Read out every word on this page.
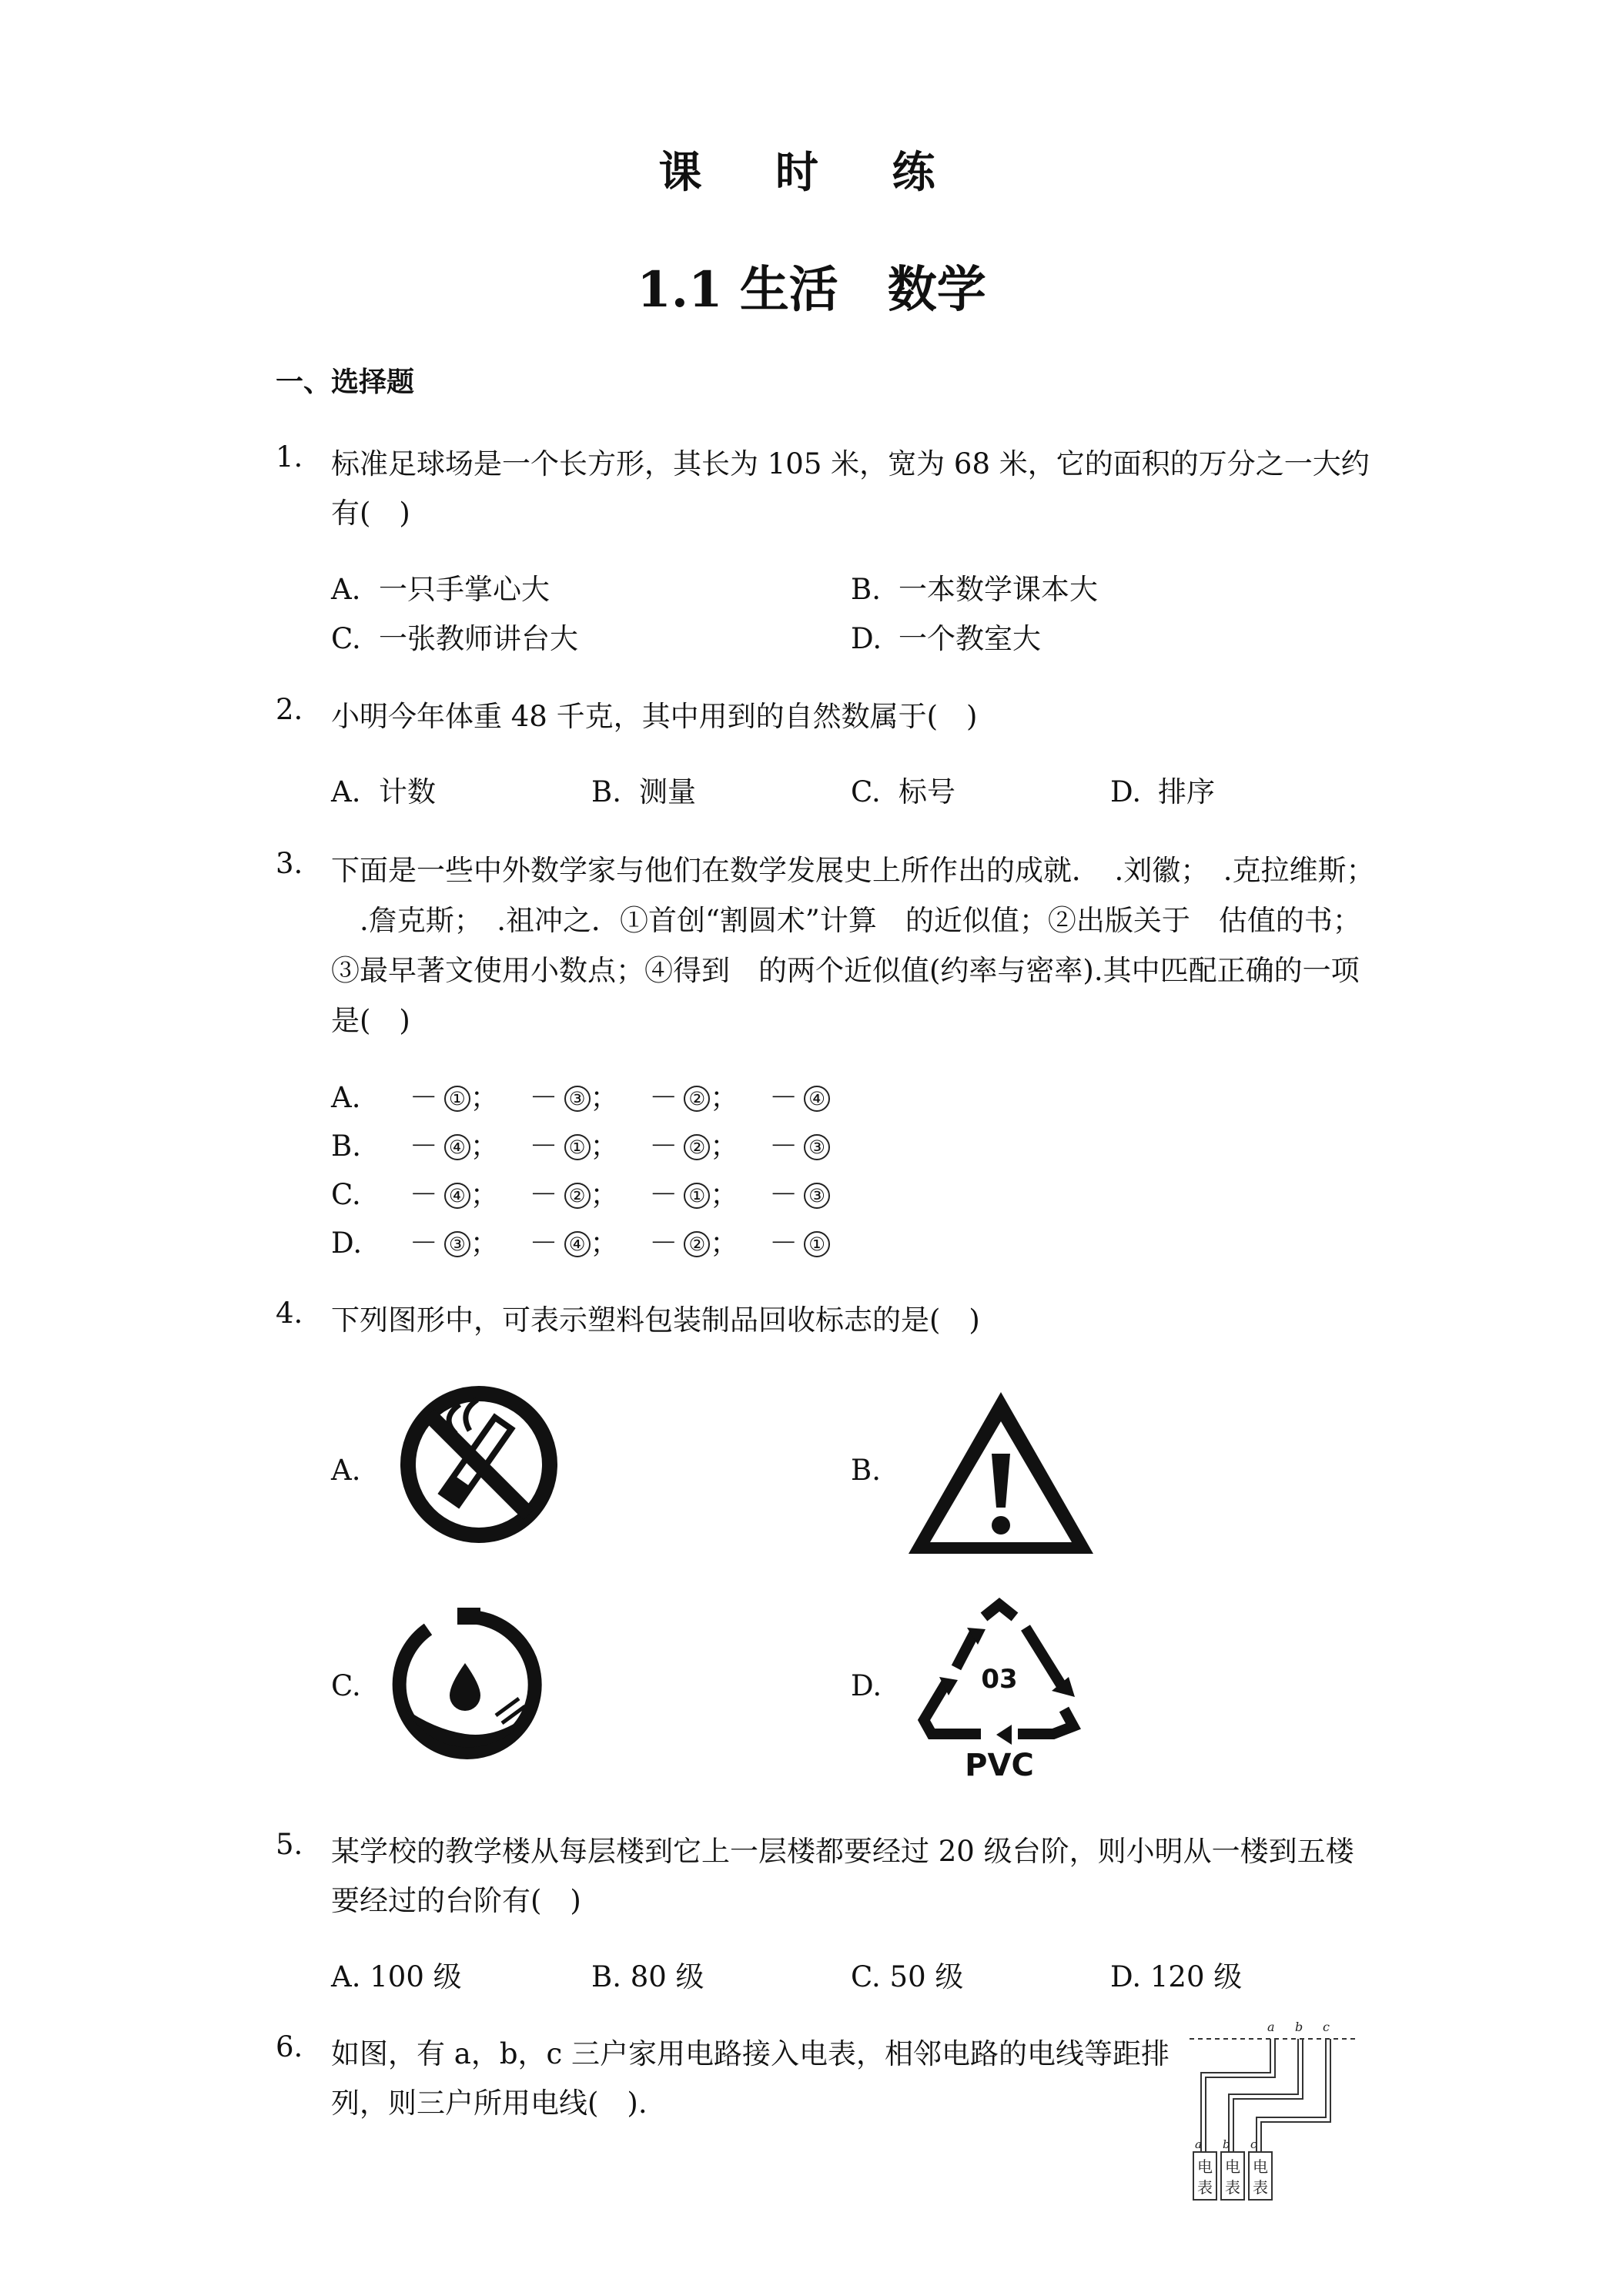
课 时 练
1.1 生活　数学
一、选择题
1. 标准足球场是一个长方形，其长为 105 米，宽为 68 米，它的面积的万分之一大约
有(　)
A. 一只手掌心大	B. 一本数学课本大
C. 一张教师讲台大	D. 一个教室大
2. 小明今年体重 48 千克，其中用到的自然数属于(　)
A. 计数	B. 测量	C. 标号	D. 排序
3. 下面是一些中外数学家与他们在数学发展史上所作出的成就．　.刘徽；　.克拉维斯；
　.詹克斯；　.祖冲之．①首创“割圆术”计算　的近似值；②出版关于　估值的书；
③最早著文使用小数点；④得到　的两个近似值(约率与密率).其中匹配正确的一项
是(　)
A. － ① ； － ③ ； － ② ； － ④
B. － ④ ； － ① ； － ② ； － ③
C. － ④ ； － ② ； － ① ； － ③
D. － ③ ； － ④ ； － ② ； － ①
4. 下列图形中，可表示塑料包装制品回收标志的是(　)
A.	B.
C.	D.	03
PVC
5. 某学校的教学楼从每层楼到它上一层楼都要经过 20 级台阶，则小明从一楼到五楼
要经过的台阶有(　)
A. 100 级	B. 80 级	C. 50 级	D. 120 级
6. 如图，有 a，b，c 三户家用电路接入电表，相邻电路的电线等距排
列，则三户所用电线(　).
a b c
a b c
电
表
电
表
电
表
